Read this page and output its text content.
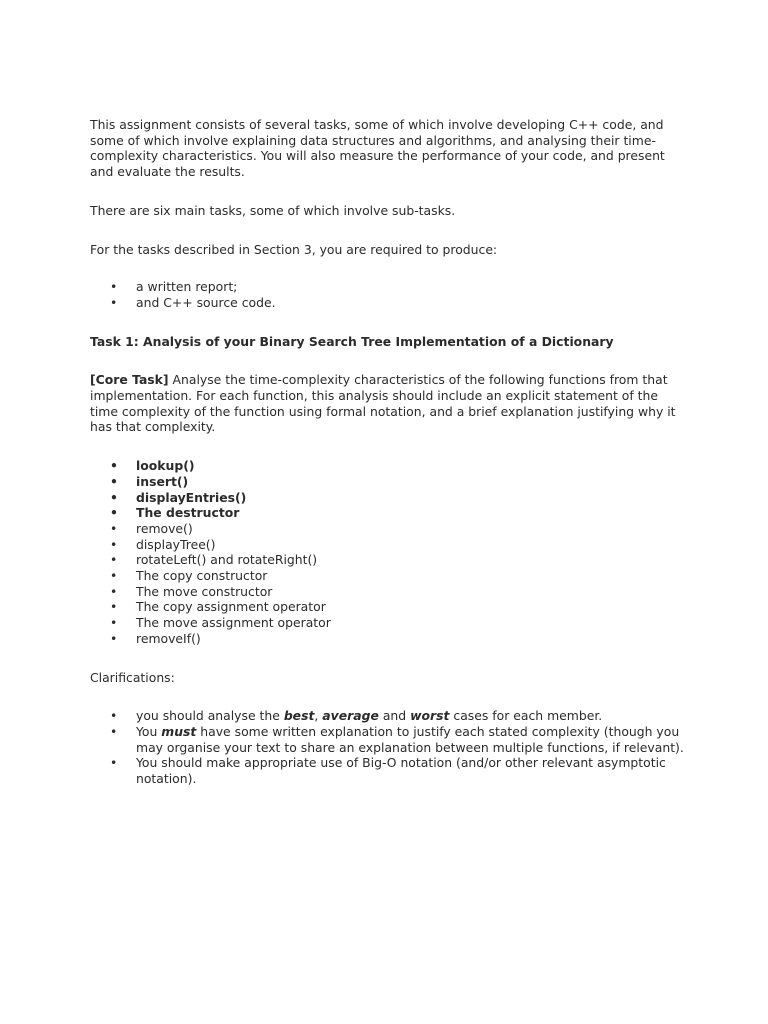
This assignment consists of several tasks, some of which involve developing C++ code, and some of which involve explaining data structures and algorithms, and analysing their time-complexity characteristics. You will also measure the performance of your code, and present and evaluate the results.

There are six main tasks, some of which involve sub-tasks.

For the tasks described in Section 3, you are required to produce:

• a written report;
• and C++ source code.

Task 1: Analysis of your Binary Search Tree Implementation of a Dictionary

[Core Task] Analyse the time-complexity characteristics of the following functions from that implementation. For each function, this analysis should include an explicit statement of the time complexity of the function using formal notation, and a brief explanation justifying why it has that complexity.

• lookup()
• insert()
• displayEntries()
• The destructor
• remove()
• displayTree()
• rotateLeft() and rotateRight()
• The copy constructor
• The move constructor
• The copy assignment operator
• The move assignment operator
• removeIf()

Clarifications:

• you should analyse the best, average and worst cases for each member.
• You must have some written explanation to justify each stated complexity (though you may organise your text to share an explanation between multiple functions, if relevant).
• You should make appropriate use of Big-O notation (and/or other relevant asymptotic notation).
